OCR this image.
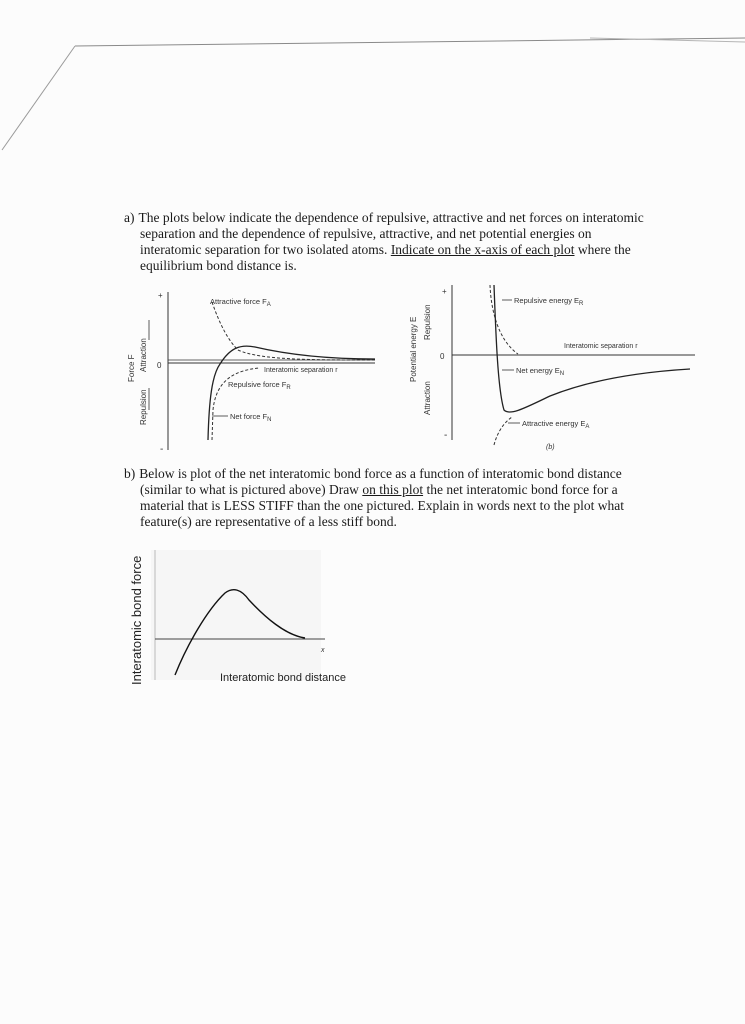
a) The plots below indicate the dependence of repulsive, attractive and net forces on interatomic
separation and the dependence of repulsive, attractive, and net potential energies on
interatomic separation for two isolated atoms. Indicate on the x-axis of each plot where the
equilibrium bond distance is.
+
-
Attraction
Force F
Repulsion
0
Attractive force $F_A$
Interatomic separation r
Repulsive force $F_R$
Net force $F_N$
+
-
Potential energy E Repulsion
Attraction
0
Repulsive energy $E_R$
Interatomic separation r
Net energy $E_N$
Attractive energy $E_A$
(b)
b) Below is plot of the net interatomic bond force as a function of interatomic bond distance
(similar to what is pictured above) Draw on this plot the net interatomic bond force for a
material that is LESS STIFF than the one pictured. Explain in words next to the plot what
feature(s) are representative of a less stiff bond.
Interatomic bond force	Interatomic bond distance
x
